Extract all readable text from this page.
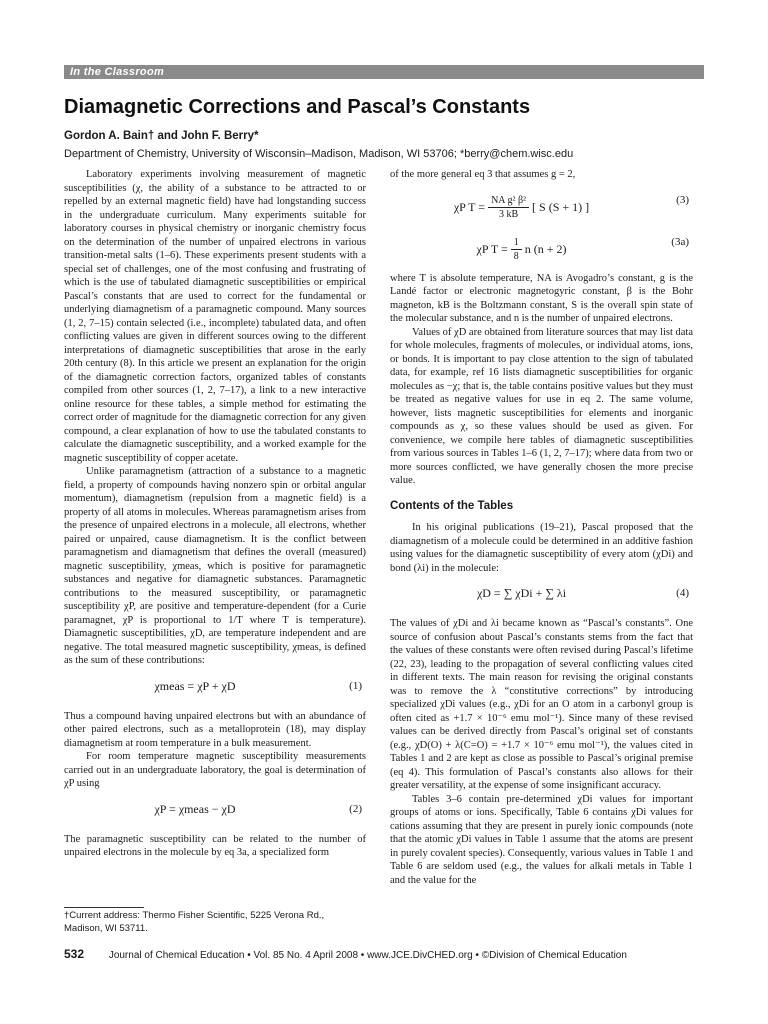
In the Classroom
Diamagnetic Corrections and Pascal’s Constants
Gordon A. Bain† and John F. Berry*
Department of Chemistry, University of Wisconsin–Madison, Madison, WI 53706; *berry@chem.wisc.edu

Laboratory experiments involving measurement of magnetic susceptibilities (χ, the ability of a substance to be attracted to or repelled by an external magnetic field) have had longstanding success in the undergraduate curriculum. Many experiments suitable for laboratory courses in physical chemistry or inorganic chemistry focus on the determination of the number of unpaired electrons in various transition-metal salts (1–6). These experiments present students with a special set of challenges, one of the most confusing and frustrating of which is the use of tabulated diamagnetic susceptibilities or empirical Pascal’s constants that are used to correct for the fundamental or underlying diamagnetism of a paramagnetic compound. Many sources (1, 2, 7–15) contain selected (i.e., incomplete) tabulated data, and often conflicting values are given in different sources owing to the different interpretations of diamagnetic susceptibilities that arose in the early 20th century (8). In this article we present an explanation for the origin of the diamagnetic correction factors, organized tables of constants compiled from other sources (1, 2, 7–17), a link to a new interactive online resource for these tables, a simple method for estimating the correct order of magnitude for the diamagnetic correction for any given compound, a clear explanation of how to use the tabulated constants to calculate the diamagnetic susceptibility, and a worked example for the magnetic susceptibility of copper acetate.

Unlike paramagnetism (attraction of a substance to a magnetic field, a property of compounds having nonzero spin or orbital angular momentum), diamagnetism (repulsion from a magnetic field) is a property of all atoms in molecules. Whereas paramagnetism arises from the presence of unpaired electrons in a molecule, all electrons, whether paired or unpaired, cause diamagnetism. It is the conflict between paramagnetism and diamagnetism that defines the overall (measured) magnetic susceptibility, χmeas, which is positive for paramagnetic substances and negative for diamagnetic substances. Paramagnetic contributions to the measured susceptibility, or paramagnetic susceptibility χP, are positive and temperature-dependent (for a Curie paramagnet, χP is proportional to 1/T where T is temperature). Diamagnetic susceptibilities, χD, are temperature independent and are negative. The total measured magnetic susceptibility, χmeas, is defined as the sum of these contributions:

χmeas = χP + χD	(1)

Thus a compound having unpaired electrons but with an abundance of other paired electrons, such as a metalloprotein (18), may display diamagnetism at room temperature in a bulk measurement.

For room temperature magnetic susceptibility measurements carried out in an undergraduate laboratory, the goal is determination of χP using

χP = χmeas − χD	(2)

The paramagnetic susceptibility can be related to the number of unpaired electrons in the molecule by eq 3a, a specialized form

of the more general eq 3 that assumes g = 2,

χP $T = \frac{\text{NA g² β²}}{3 kB}$ [ S (S + 1) ]	(3)
χP $T = \frac{1}{8}$ n (n + 2)	(3a)

where T is absolute temperature, NA is Avogadro’s constant, g is the Landé factor or electronic magnetogyric constant, β is the Bohr magneton, kB is the Boltzmann constant, S is the overall spin state of the molecular substance, and n is the number of unpaired electrons.

Values of χD are obtained from literature sources that may list data for whole molecules, fragments of molecules, or individual atoms, ions, or bonds. It is important to pay close attention to the sign of tabulated data, for example, ref 16 lists diamagnetic susceptibilities for organic molecules as −χ; that is, the table contains positive values but they must be treated as negative values for use in eq 2. The same volume, however, lists magnetic susceptibilities for elements and inorganic compounds as χ, so these values should be used as given. For convenience, we compile here tables of diamagnetic susceptibilities from various sources in Tables 1–6 (1, 2, 7–17); where data from two or more sources conflicted, we have generally chosen the more precise value.

Contents of the Tables

In his original publications (19–21), Pascal proposed that the diamagnetism of a molecule could be determined in an additive fashion using values for the diamagnetic susceptibility of every atom (χDi) and bond (λi) in the molecule:

χD = ∑ χDi + ∑ λi	(4)

The values of χDi and λi became known as “Pascal’s constants”. One source of confusion about Pascal’s constants stems from the fact that the values of these constants were often revised during Pascal’s lifetime (22, 23), leading to the propagation of several conflicting values cited in different texts. The main reason for revising the original constants was to remove the λ “constitutive corrections” by introducing specialized χDi values (e.g., χDi for an O atom in a carbonyl group is often cited as +1.7 × 10⁻⁶ emu mol⁻¹). Since many of these revised values can be derived directly from Pascal’s original set of constants (e.g., χD(O) + λ(C=O) = +1.7 × 10⁻⁶ emu mol⁻¹), the values cited in Tables 1 and 2 are kept as close as possible to Pascal’s original premise (eq 4). This formulation of Pascal’s constants also allows for their greater versatility, at the expense of some insignificant accuracy.

Tables 3–6 contain pre-determined χDi values for important groups of atoms or ions. Specifically, Table 6 contains χDi values for cations assuming that they are present in purely ionic compounds (note that the atomic χDi values in Table 1 assume that the atoms are present in purely covalent species). Consequently, various values in Table 1 and Table 6 are seldom used (e.g., the values for alkali metals in Table 1 and the value for the

†Current address: Thermo Fisher Scientific, 5225 Verona Rd., Madison, WI 53711.
532 Journal of Chemical Education • Vol. 85 No. 4 April 2008 • www.JCE.DivCHED.org • ©Division of Chemical Education
